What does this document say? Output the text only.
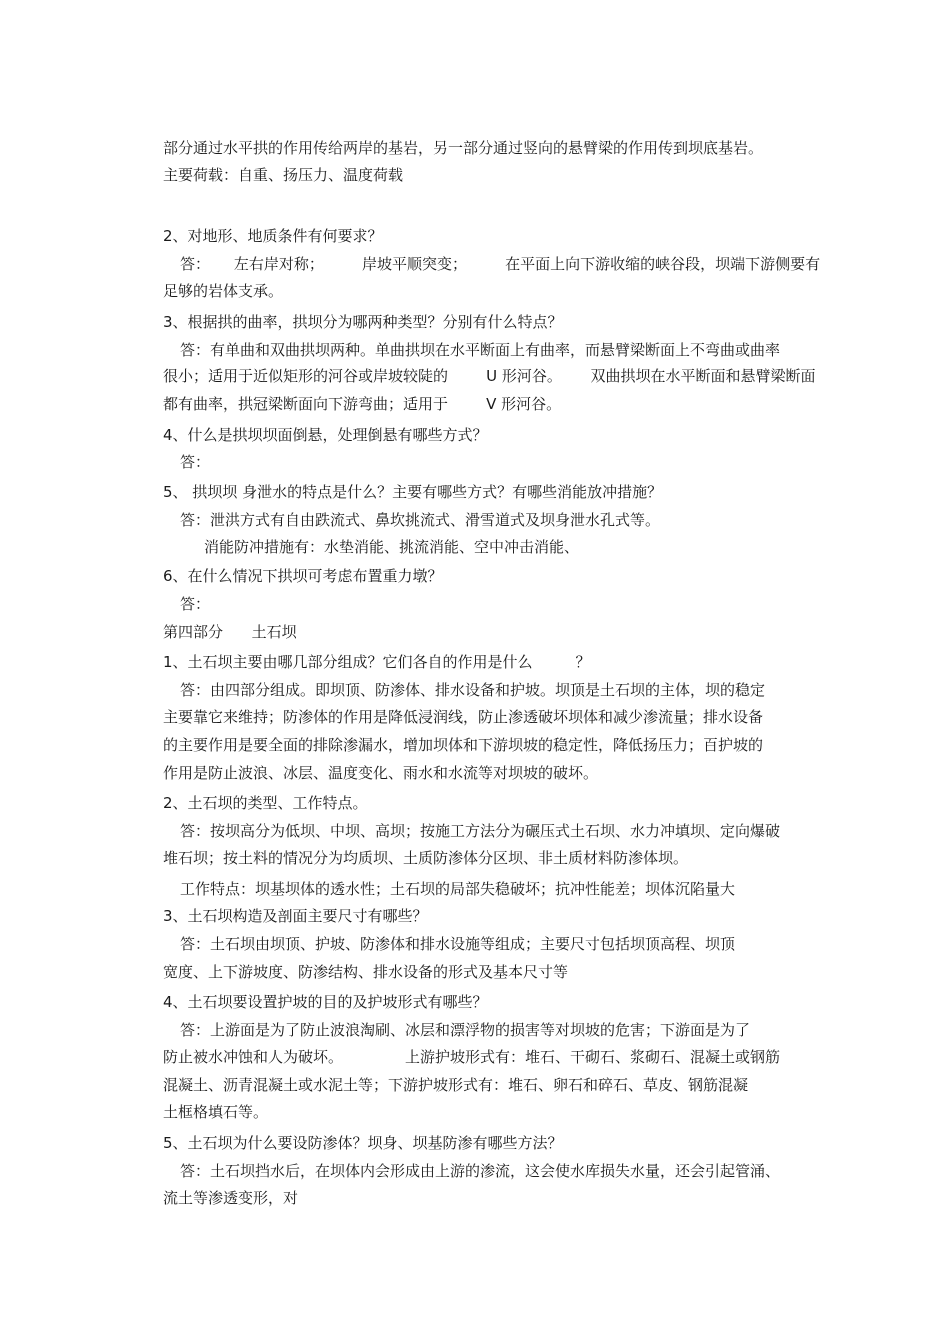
部分通过水平拱的作用传给两岸的基岩，另一部分通过竖向的悬臂梁的作用传到坝底基岩。

主要荷载：自重、扬压力、温度荷载

2、对地形、地质条件有何要求？

答：     左右岸对称；        岸坡平顺突变；        在平面上向下游收缩的峡谷段，坝端下游侧要有

足够的岩体支承。

3、根据拱的曲率，拱坝分为哪两种类型？分别有什么特点？

答：有单曲和双曲拱坝两种。单曲拱坝在水平断面上有曲率，而悬臂梁断面上不弯曲或曲率

很小；适用于近似矩形的河谷或岸坡较陡的        U 形河谷。      双曲拱坝在水平断面和悬臂梁断面

都有曲率，拱冠梁断面向下游弯曲；适用于        V 形河谷。

4、什么是拱坝坝面倒悬，处理倒悬有哪些方式？

答：

5、 拱坝坝 身泄水的特点是什么？主要有哪些方式？有哪些消能放冲措施？

答：泄洪方式有自由跌流式、鼻坎挑流式、滑雪道式及坝身泄水孔式等。

消能防冲措施有：水垫消能、挑流消能、空中冲击消能、

6、在什么情况下拱坝可考虑布置重力墩？

答：

第四部分      土石坝

1、土石坝主要由哪几部分组成？它们各自的作用是什么         ？

答：由四部分组成。即坝顶、防渗体、排水设备和护坡。坝顶是土石坝的主体，坝的稳定

主要靠它来维持；防渗体的作用是降低浸润线，防止渗透破坏坝体和减少渗流量；排水设备

的主要作用是要全面的排除渗漏水，增加坝体和下游坝坡的稳定性，降低扬压力；百护坡的

作用是防止波浪、冰层、温度变化、雨水和水流等对坝坡的破坏。

2、土石坝的类型、工作特点。

答：按坝高分为低坝、中坝、高坝；按施工方法分为碾压式土石坝、水力冲填坝、定向爆破

堆石坝；按土料的情况分为均质坝、土质防渗体分区坝、非土质材料防渗体坝。

工作特点：坝基坝体的透水性；土石坝的局部失稳破坏；抗冲性能差；坝体沉陷量大

3、土石坝构造及剖面主要尺寸有哪些？

答：土石坝由坝顶、护坡、防渗体和排水设施等组成；主要尺寸包括坝顶高程、坝顶

宽度、上下游坡度、防渗结构、排水设备的形式及基本尺寸等

4、土石坝要设置护坡的目的及护坡形式有哪些？

答：上游面是为了防止波浪淘刷、冰层和漂浮物的损害等对坝坡的危害；下游面是为了

防止被水冲蚀和人为破坏。             上游护坡形式有：堆石、干砌石、浆砌石、混凝土或钢筋

混凝土、沥青混凝土或水泥土等；下游护坡形式有：堆石、卵石和碎石、草皮、钢筋混凝

土框格填石等。

5、土石坝为什么要设防渗体？坝身、坝基防渗有哪些方法？

答：土石坝挡水后，在坝体内会形成由上游的渗流，这会使水库损失水量，还会引起管涌、

流土等渗透变形，对
